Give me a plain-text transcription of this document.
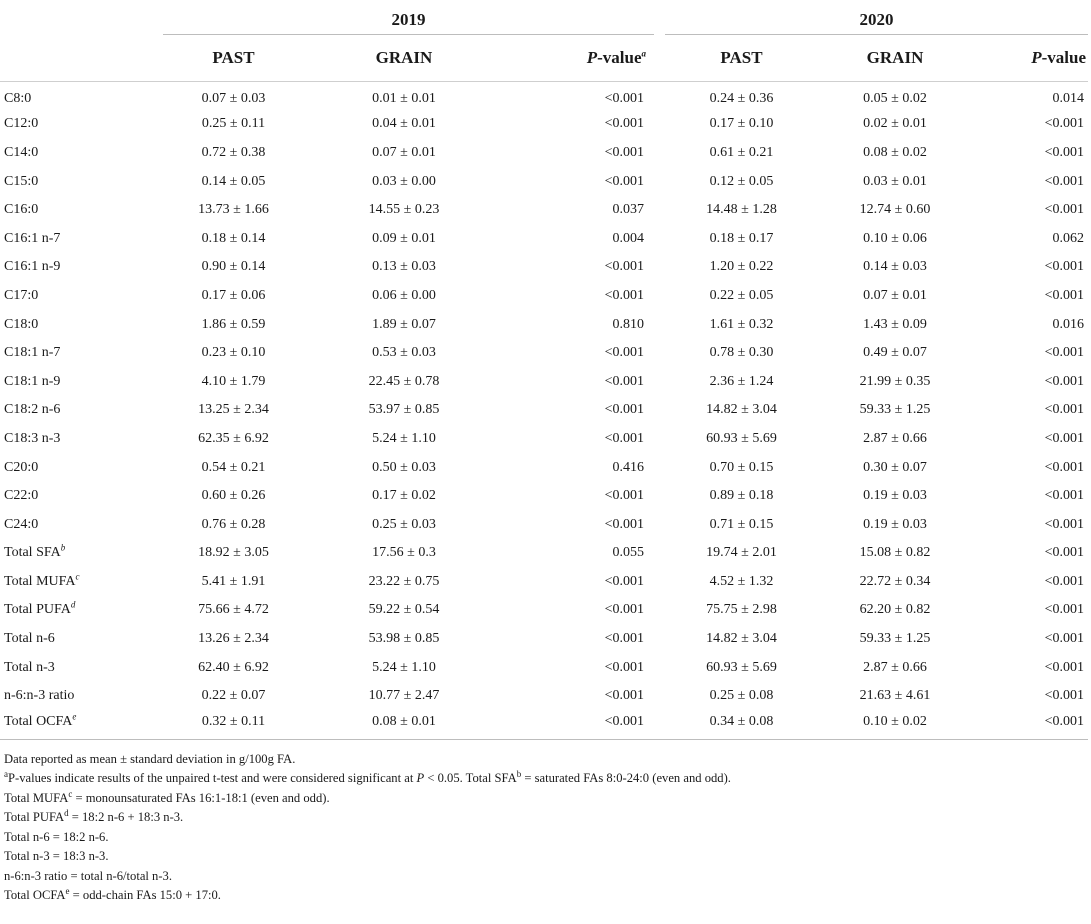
	2019				2020		
	PAST	GRAIN	P-value$^a$		PAST	GRAIN	P-value
C8:0	0.07 ± 0.03	0.01 ± 0.01	<0.001		0.24 ± 0.36	0.05 ± 0.02	0.014
C12:0	0.25 ± 0.11	0.04 ± 0.01	<0.001		0.17 ± 0.10	0.02 ± 0.01	<0.001
C14:0	0.72 ± 0.38	0.07 ± 0.01	<0.001		0.61 ± 0.21	0.08 ± 0.02	<0.001
C15:0	0.14 ± 0.05	0.03 ± 0.00	<0.001		0.12 ± 0.05	0.03 ± 0.01	<0.001
C16:0	13.73 ± 1.66	14.55 ± 0.23	0.037		14.48 ± 1.28	12.74 ± 0.60	<0.001
C16:1 n-7	0.18 ± 0.14	0.09 ± 0.01	0.004		0.18 ± 0.17	0.10 ± 0.06	0.062
C16:1 n-9	0.90 ± 0.14	0.13 ± 0.03	<0.001		1.20 ± 0.22	0.14 ± 0.03	<0.001
C17:0	0.17 ± 0.06	0.06 ± 0.00	<0.001		0.22 ± 0.05	0.07 ± 0.01	<0.001
C18:0	1.86 ± 0.59	1.89 ± 0.07	0.810		1.61 ± 0.32	1.43 ± 0.09	0.016
C18:1 n-7	0.23 ± 0.10	0.53 ± 0.03	<0.001		0.78 ± 0.30	0.49 ± 0.07	<0.001
C18:1 n-9	4.10 ± 1.79	22.45 ± 0.78	<0.001		2.36 ± 1.24	21.99 ± 0.35	<0.001
C18:2 n-6	13.25 ± 2.34	53.97 ± 0.85	<0.001		14.82 ± 3.04	59.33 ± 1.25	<0.001
C18:3 n-3	62.35 ± 6.92	5.24 ± 1.10	<0.001		60.93 ± 5.69	2.87 ± 0.66	<0.001
C20:0	0.54 ± 0.21	0.50 ± 0.03	0.416		0.70 ± 0.15	0.30 ± 0.07	<0.001
C22:0	0.60 ± 0.26	0.17 ± 0.02	<0.001		0.89 ± 0.18	0.19 ± 0.03	<0.001
C24:0	0.76 ± 0.28	0.25 ± 0.03	<0.001		0.71 ± 0.15	0.19 ± 0.03	<0.001
Total SFA$^b$	18.92 ± 3.05	17.56 ± 0.3	0.055		19.74 ± 2.01	15.08 ± 0.82	<0.001
Total MUFA$^c$	5.41 ± 1.91	23.22 ± 0.75	<0.001		4.52 ± 1.32	22.72 ± 0.34	<0.001
Total PUFA$^d$	75.66 ± 4.72	59.22 ± 0.54	<0.001		75.75 ± 2.98	62.20 ± 0.82	<0.001
Total n-6	13.26 ± 2.34	53.98 ± 0.85	<0.001		14.82 ± 3.04	59.33 ± 1.25	<0.001
Total n-3	62.40 ± 6.92	5.24 ± 1.10	<0.001		60.93 ± 5.69	2.87 ± 0.66	<0.001
n-6:n-3 ratio	0.22 ± 0.07	10.77 ± 2.47	<0.001		0.25 ± 0.08	21.63 ± 4.61	<0.001
Total OCFA$^e$	0.32 ± 0.11	0.08 ± 0.01	<0.001		0.34 ± 0.08	0.10 ± 0.02	<0.001
Data reported as mean ± standard deviation in g/100g FA.
$^a$P-values indicate results of the unpaired t-test and were considered significant at P < 0.05. Total $SFA^b$ = saturated FAs 8:0-24:0 (even and odd).
Total $MUFA^c$ = monounsaturated FAs 16:1-18:1 (even and odd).
Total $PUFA^d$ = 18:2 n-6 + 18:3 n-3.
Total n-6 = 18:2 n-6.
Total n-3 = 18:3 n-3.
n-6:n-3 ratio = total n-6/total n-3.
Total $OCFA^e$ = odd-chain FAs 15:0 + 17:0.
